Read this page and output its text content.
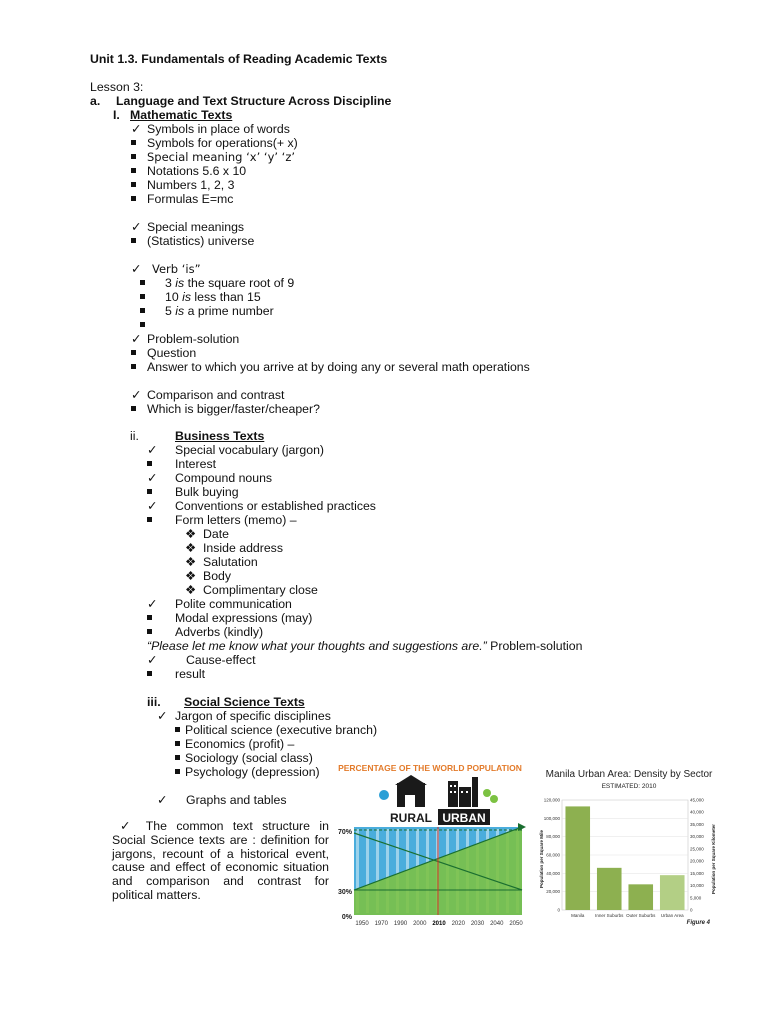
Unit 1.3. Fundamentals of Reading Academic Texts
Lesson 3:
a. Language and Text Structure Across Discipline
I. Mathematic Texts
ii.	Business Texts
iii. Social Science Texts
✓ Symbols in place of words
Symbols for operations(+ x)
Special meaning ‘x’ ‘y’ ‘z’
Notations 5.6 x 10
Numbers 1, 2, 3
Formulas E=mc
✓ Special meanings
(Statistics) universe
✓ Verb ‘is”
3 is the square root of 9
10 is less than 15
5 is a prime number
✓ Problem-solution
Question
Answer to which you arrive at by doing any or several math operations
✓ Comparison and contrast
Which is bigger/faster/cheaper?
✓ Special vocabulary (jargon)
Interest
✓ Compound nouns
Bulk buying
✓ Conventions or established practices
Form letters (memo) –
❖ Date
❖ Inside address
❖ Salutation
❖ Body
❖ Complimentary close
✓ Polite communication
Modal expressions (may)
Adverbs (kindly)
“Please let me know what your thoughts and suggestions are.” Problem-solution
✓ Cause-effect
result
✓ Jargon of specific disciplines
Political science (executive branch)
Economics (profit) –
Sociology (social class)
Psychology (depression)
✓ Graphs and tables
✓ The common text structure in Social Science texts are : definition for jargons, recount of a historical event, cause and effect of economic situation and comparison and contrast for political matters.
PERCENTAGE OF THE WORLD POPULATION
RURAL URBAN
70%
30%
0%
1950 1970 1990 2000 2010 2020 2030 2040 2050
Manila Urban Area: Density by Sector
ESTIMATED: 2010
Population per Square Mile	Population per Square Kilometer
120,000
100,000
80,000
60,000
40,000
20,000
0
45,000
40,000
35,000
30,000
25,000
20,000
15,000
10,000
5,000
0
Manila Inner Suburbs Outer Suburbs Urban Area
Figure 4
